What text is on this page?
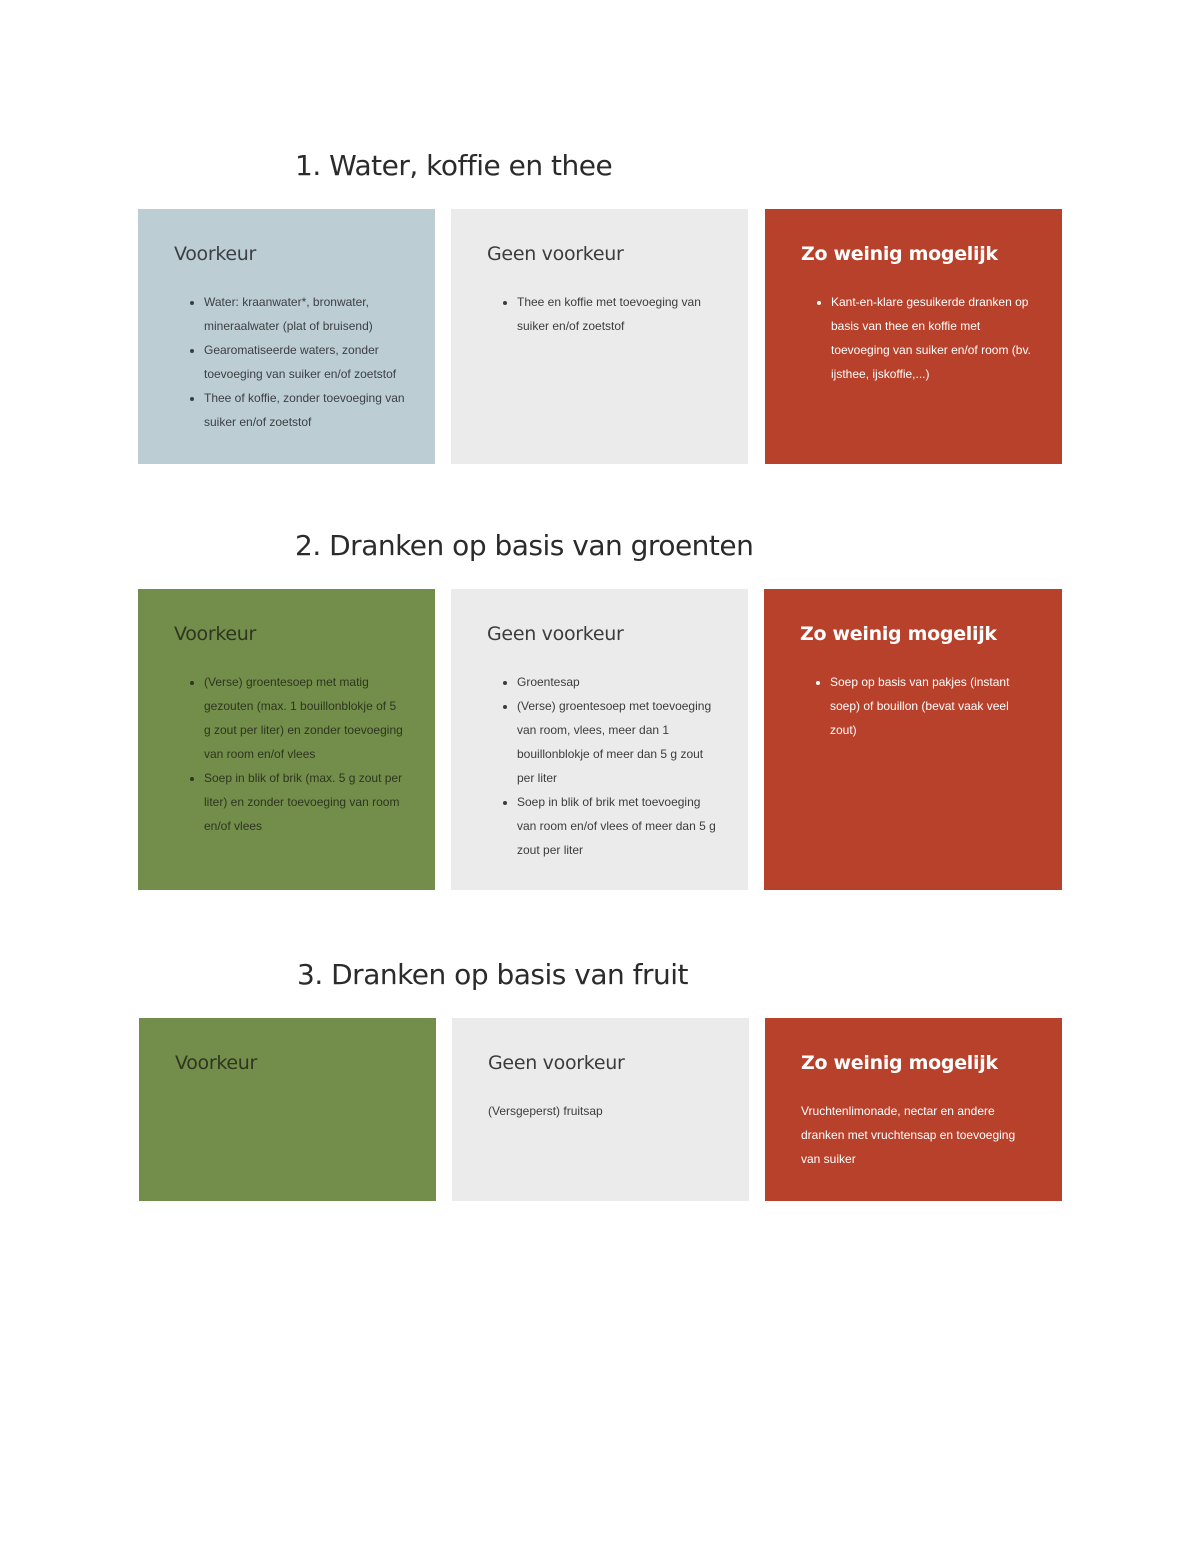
1. Water, koffie en thee
Voorkeur
• Water: kraanwater*, bronwater, mineraalwater (plat of bruisend)
• Gearomatiseerde waters, zonder toevoeging van suiker en/of zoetstof
• Thee of koffie, zonder toevoeging van suiker en/of zoetstof
Geen voorkeur
• Thee en koffie met toevoeging van suiker en/of zoetstof
Zo weinig mogelijk
• Kant-en-klare gesuikerde dranken op basis van thee en koffie met toevoeging van suiker en/of room (bv. ijsthee, ijskoffie,...)
2. Dranken op basis van groenten
Voorkeur
• (Verse) groentesoep met matig gezouten (max. 1 bouillonblokje of 5 g zout per liter) en zonder toevoeging van room en/of vlees
• Soep in blik of brik (max. 5 g zout per liter) en zonder toevoeging van room en/of vlees
Geen voorkeur
• Groentesap
• (Verse) groentesoep met toevoeging van room, vlees, meer dan 1 bouillonblokje of meer dan 5 g zout per liter
• Soep in blik of brik met toevoeging van room en/of vlees of meer dan 5 g zout per liter
Zo weinig mogelijk
• Soep op basis van pakjes (instant soep) of bouillon (bevat vaak veel zout)
3. Dranken op basis van fruit
Voorkeur	Geen voorkeur

(Versgeperst) fruitsap

Zo weinig mogelijk

Vruchtenlimonade, nectar en andere dranken met vruchtensap en toevoeging van suiker
